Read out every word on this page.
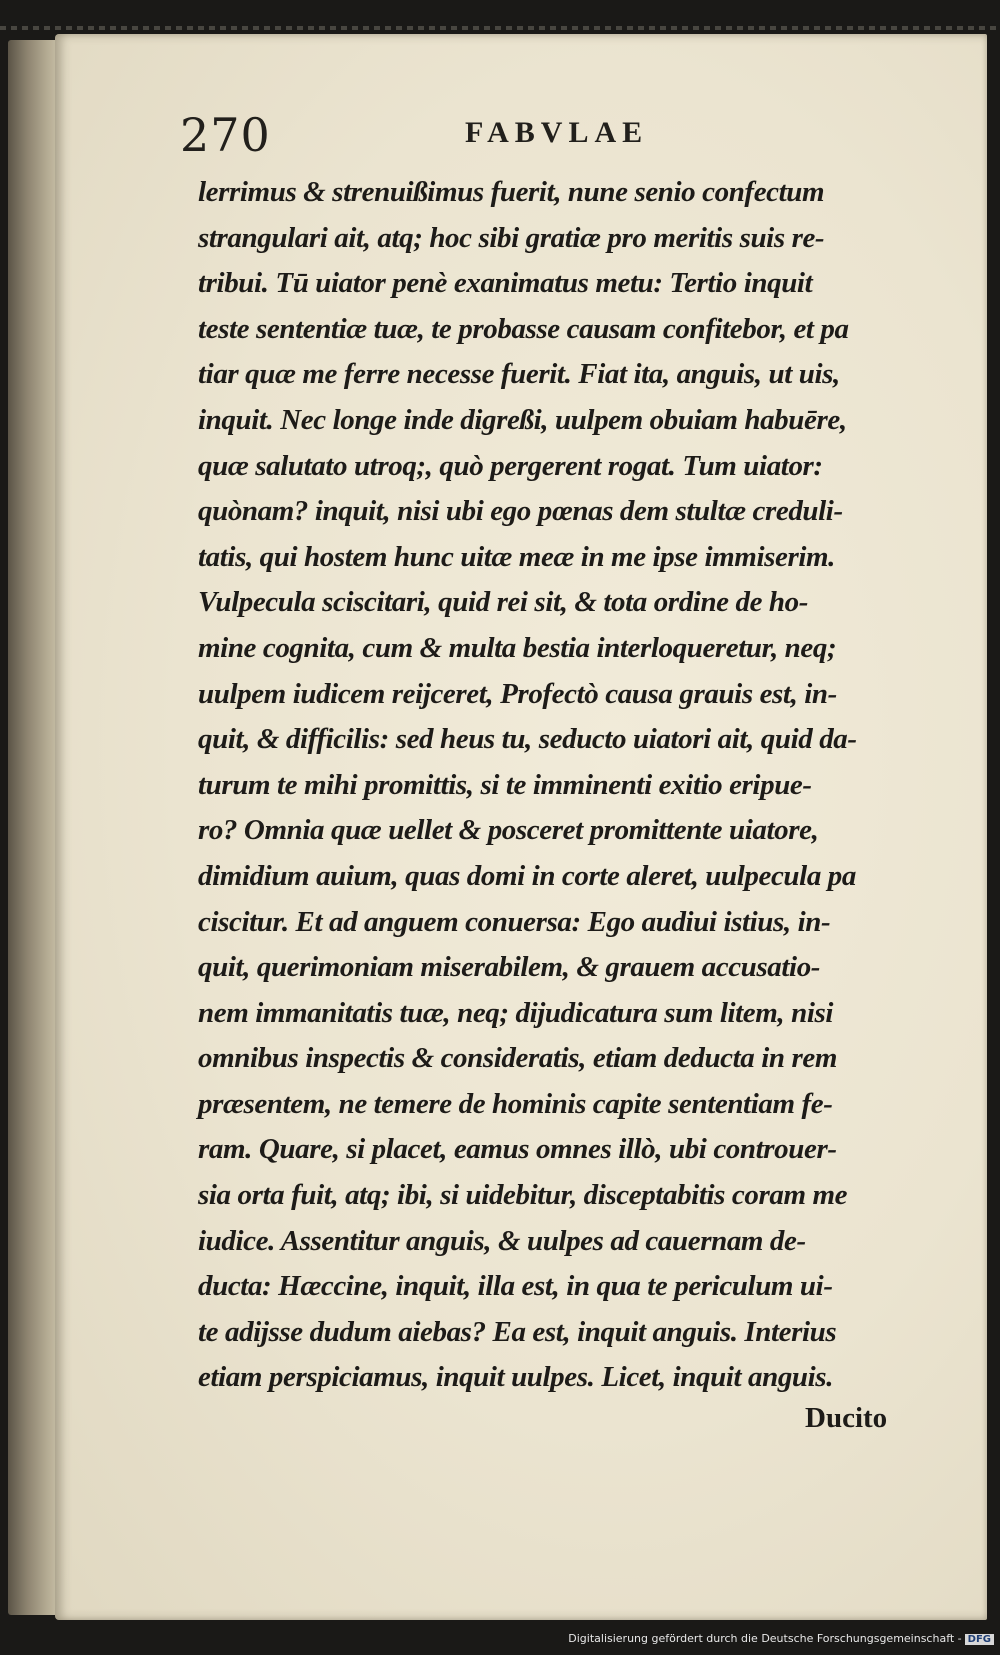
270	FABVLAE
lerrimus & strenuißimus fuerit, nune senio confectum
strangulari ait, atq; hoc sibi gratiæ pro meritis suis re-
tribui. Tū uiator penè exanimatus metu: Tertio inquit
teste sententiæ tuæ, te probasse causam confitebor, et pa
tiar quæ me ferre necesse fuerit. Fiat ita, anguis, ut uis,
inquit. Nec longe inde digreßi, uulpem obuiam habuēre,
quæ salutato utroq;, quò pergerent rogat. Tum uiator:
quònam? inquit, nisi ubi ego pœnas dem stultæ creduli-
tatis, qui hostem hunc uitæ meæ in me ipse immiserim.
Vulpecula sciscitari, quid rei sit, & tota ordine de ho-
mine cognita, cum & multa bestia interloqueretur, neq;
uulpem iudicem reijceret, Profectò causa grauis est, in-
quit, & difficilis: sed heus tu, seducto uiatori ait, quid da-
turum te mihi promittis, si te imminenti exitio eripue-
ro? Omnia quæ uellet & posceret promittente uiatore,
dimidium auium, quas domi in corte aleret, uulpecula pa
ciscitur. Et ad anguem conuersa: Ego audiui istius, in-
quit, querimoniam miserabilem, & grauem accusatio-
nem immanitatis tuæ, neq; dijudicatura sum litem, nisi
omnibus inspectis & consideratis, etiam deducta in rem
præsentem, ne temere de hominis capite sententiam fe-
ram. Quare, si placet, eamus omnes illò, ubi controuer-
sia orta fuit, atq; ibi, si uidebitur, disceptabitis coram me
iudice. Assentitur anguis, & uulpes ad cauernam de-
ducta: Hæccine, inquit, illa est, in qua te periculum ui-
te adijsse dudum aiebas? Ea est, inquit anguis. Interius
etiam perspiciamus, inquit uulpes. Licet, inquit anguis.

Ducito

Digitalisierung gefördert durch die Deutsche Forschungsgemeinschaft - DFG
